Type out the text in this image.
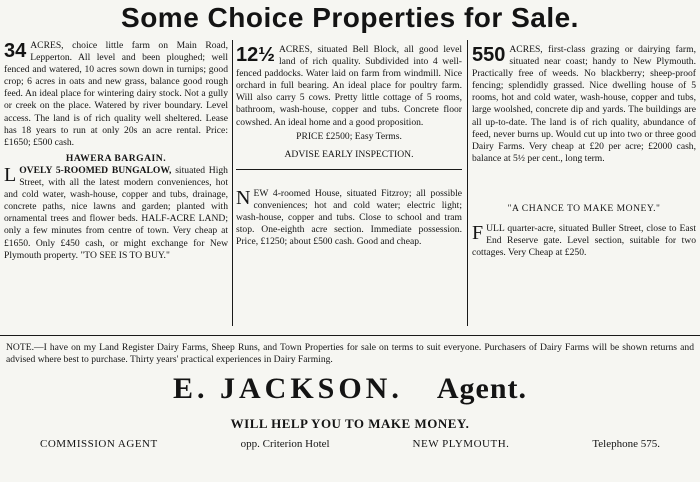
Some Choice Properties for Sale.

34 ACRES, choice little farm on Main Road, Lepperton. All level and been ploughed; well fenced and watered, 10 acres sown down in turnips; good crop; 6 acres in oats and new grass, balance good rough feed. An ideal place for wintering dairy stock. Not a gully or creek on the place. Watered by river boundary. Level access. The land is of rich quality well sheltered. Lease has 18 years to run at only 20s an acre rental. Price: £1650; £500 cash.

HAWERA BARGAIN.

L OVELY 5-ROOMED BUNGALOW, situated High Street, with all the latest modern conveniences, hot and cold water, wash-house, copper and tubs, drainage, concrete paths, nice lawns and garden; planted with ornamental trees and flower beds. HALF-ACRE LAND; only a few minutes from centre of town. Very cheap at £1650. Only £450 cash, or might exchange for New Plymouth property. "TO SEE IS TO BUY."

12½ ACRES, situated Bell Block, all good level land of rich quality. Subdivided into 4 well-fenced paddocks. Water laid on farm from windmill. Nice orchard in full bearing. An ideal place for poultry farm. Will also carry 5 cows. Pretty little cottage of 5 rooms, bathroom, wash-house, copper and tubs. Concrete floor cowshed. An ideal home and a good proposition.

PRICE £2500; Easy Terms.

ADVISE EARLY INSPECTION.

N EW 4-roomed House, situated Fitzroy; all possible conveniences; hot and cold water; electric light; wash-house, copper and tubs. Close to school and tram stop. One-eighth acre section. Immediate possession. Price, £1250; about £500 cash. Good and cheap.

550 ACRES, first-class grazing or dairying farm, situated near coast; handy to New Plymouth. Practically free of weeds. No blackberry; sheep-proof fencing; splendidly grassed. Nice dwelling house of 5 rooms, hot and cold water, wash-house, copper and tubs, large woolshed, concrete dip and yards. The buildings are all up-to-date. The land is of rich quality, abundance of feed, never burns up. Would cut up into two or three good Dairy Farms. Very cheap at £20 per acre; £2000 cash, balance at 5½ per cent., long term.

"A CHANCE TO MAKE MONEY."

F ULL quarter-acre, situated Buller Street, close to East End Reserve gate. Level section, suitable for two cottages. Very Cheap at £250.

NOTE.—I have on my Land Register Dairy Farms, Sheep Runs, and Town Properties for sale on terms to suit everyone. Purchasers of Dairy Farms will be shown returns and advised where best to purchase. Thirty years' practical experiences in Dairy Farming.
E. JACKSON. Agent.
WILL HELP YOU TO MAKE MONEY.
COMMISSION AGENT	opp. Criterion Hotel	NEW PLYMOUTH.	Telephone 575.
